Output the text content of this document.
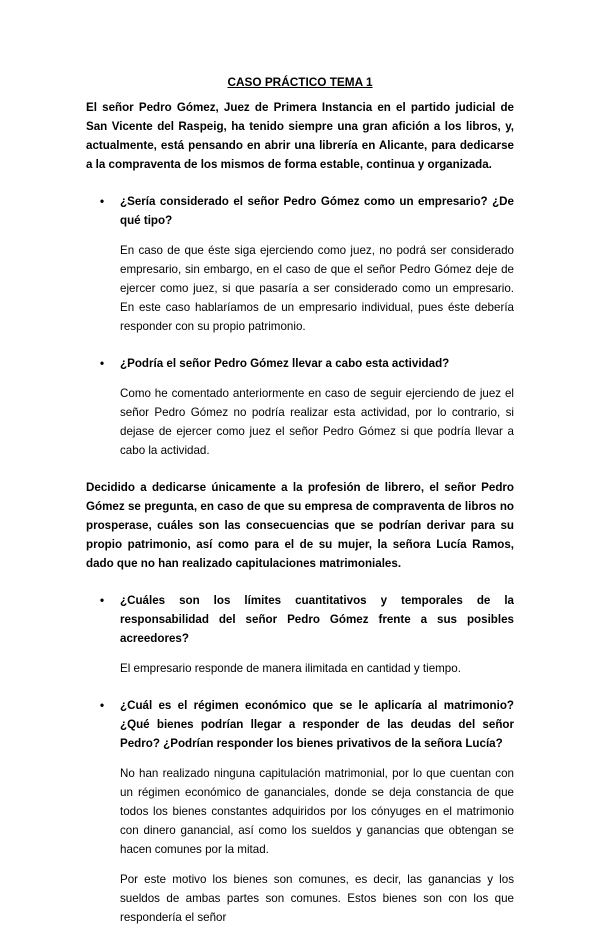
CASO PRÁCTICO TEMA 1

El señor Pedro Gómez, Juez de Primera Instancia en el partido judicial de San Vicente del Raspeig, ha tenido siempre una gran afición a los libros, y, actualmente, está pensando en abrir una librería en Alicante, para dedicarse a la compraventa de los mismos de forma estable, continua y organizada.

• ¿Sería considerado el señor Pedro Gómez como un empresario? ¿De qué tipo?

En caso de que éste siga ejerciendo como juez, no podrá ser considerado empresario, sin embargo, en el caso de que el señor Pedro Gómez deje de ejercer como juez, si que pasaría a ser considerado como un empresario. En este caso hablaríamos de un empresario individual, pues éste debería responder con su propio patrimonio.

• ¿Podría el señor Pedro Gómez llevar a cabo esta actividad?

Como he comentado anteriormente en caso de seguir ejerciendo de juez el señor Pedro Gómez no podría realizar esta actividad, por lo contrario, si dejase de ejercer como juez el señor Pedro Gómez si que podría llevar a cabo la actividad.

Decidido a dedicarse únicamente a la profesión de librero, el señor Pedro Gómez se pregunta, en caso de que su empresa de compraventa de libros no prosperase, cuáles son las consecuencias que se podrían derivar para su propio patrimonio, así como para el de su mujer, la señora Lucía Ramos, dado que no han realizado capitulaciones matrimoniales.

• ¿Cuáles son los límites cuantitativos y temporales de la responsabilidad del señor Pedro Gómez frente a sus posibles acreedores?

El empresario responde de manera ilimitada en cantidad y tiempo.

• ¿Cuál es el régimen económico que se le aplicaría al matrimonio? ¿Qué bienes podrían llegar a responder de las deudas del señor Pedro? ¿Podrían responder los bienes privativos de la señora Lucía?

No han realizado ninguna capitulación matrimonial, por lo que cuentan con un régimen económico de gananciales, donde se deja constancia de que todos los bienes constantes adquiridos por los cónyuges en el matrimonio con dinero ganancial, así como los sueldos y ganancias que obtengan se hacen comunes por la mitad.

Por este motivo los bienes son comunes, es decir, las ganancias y los sueldos de ambas partes son comunes. Estos bienes son con los que respondería el señor
